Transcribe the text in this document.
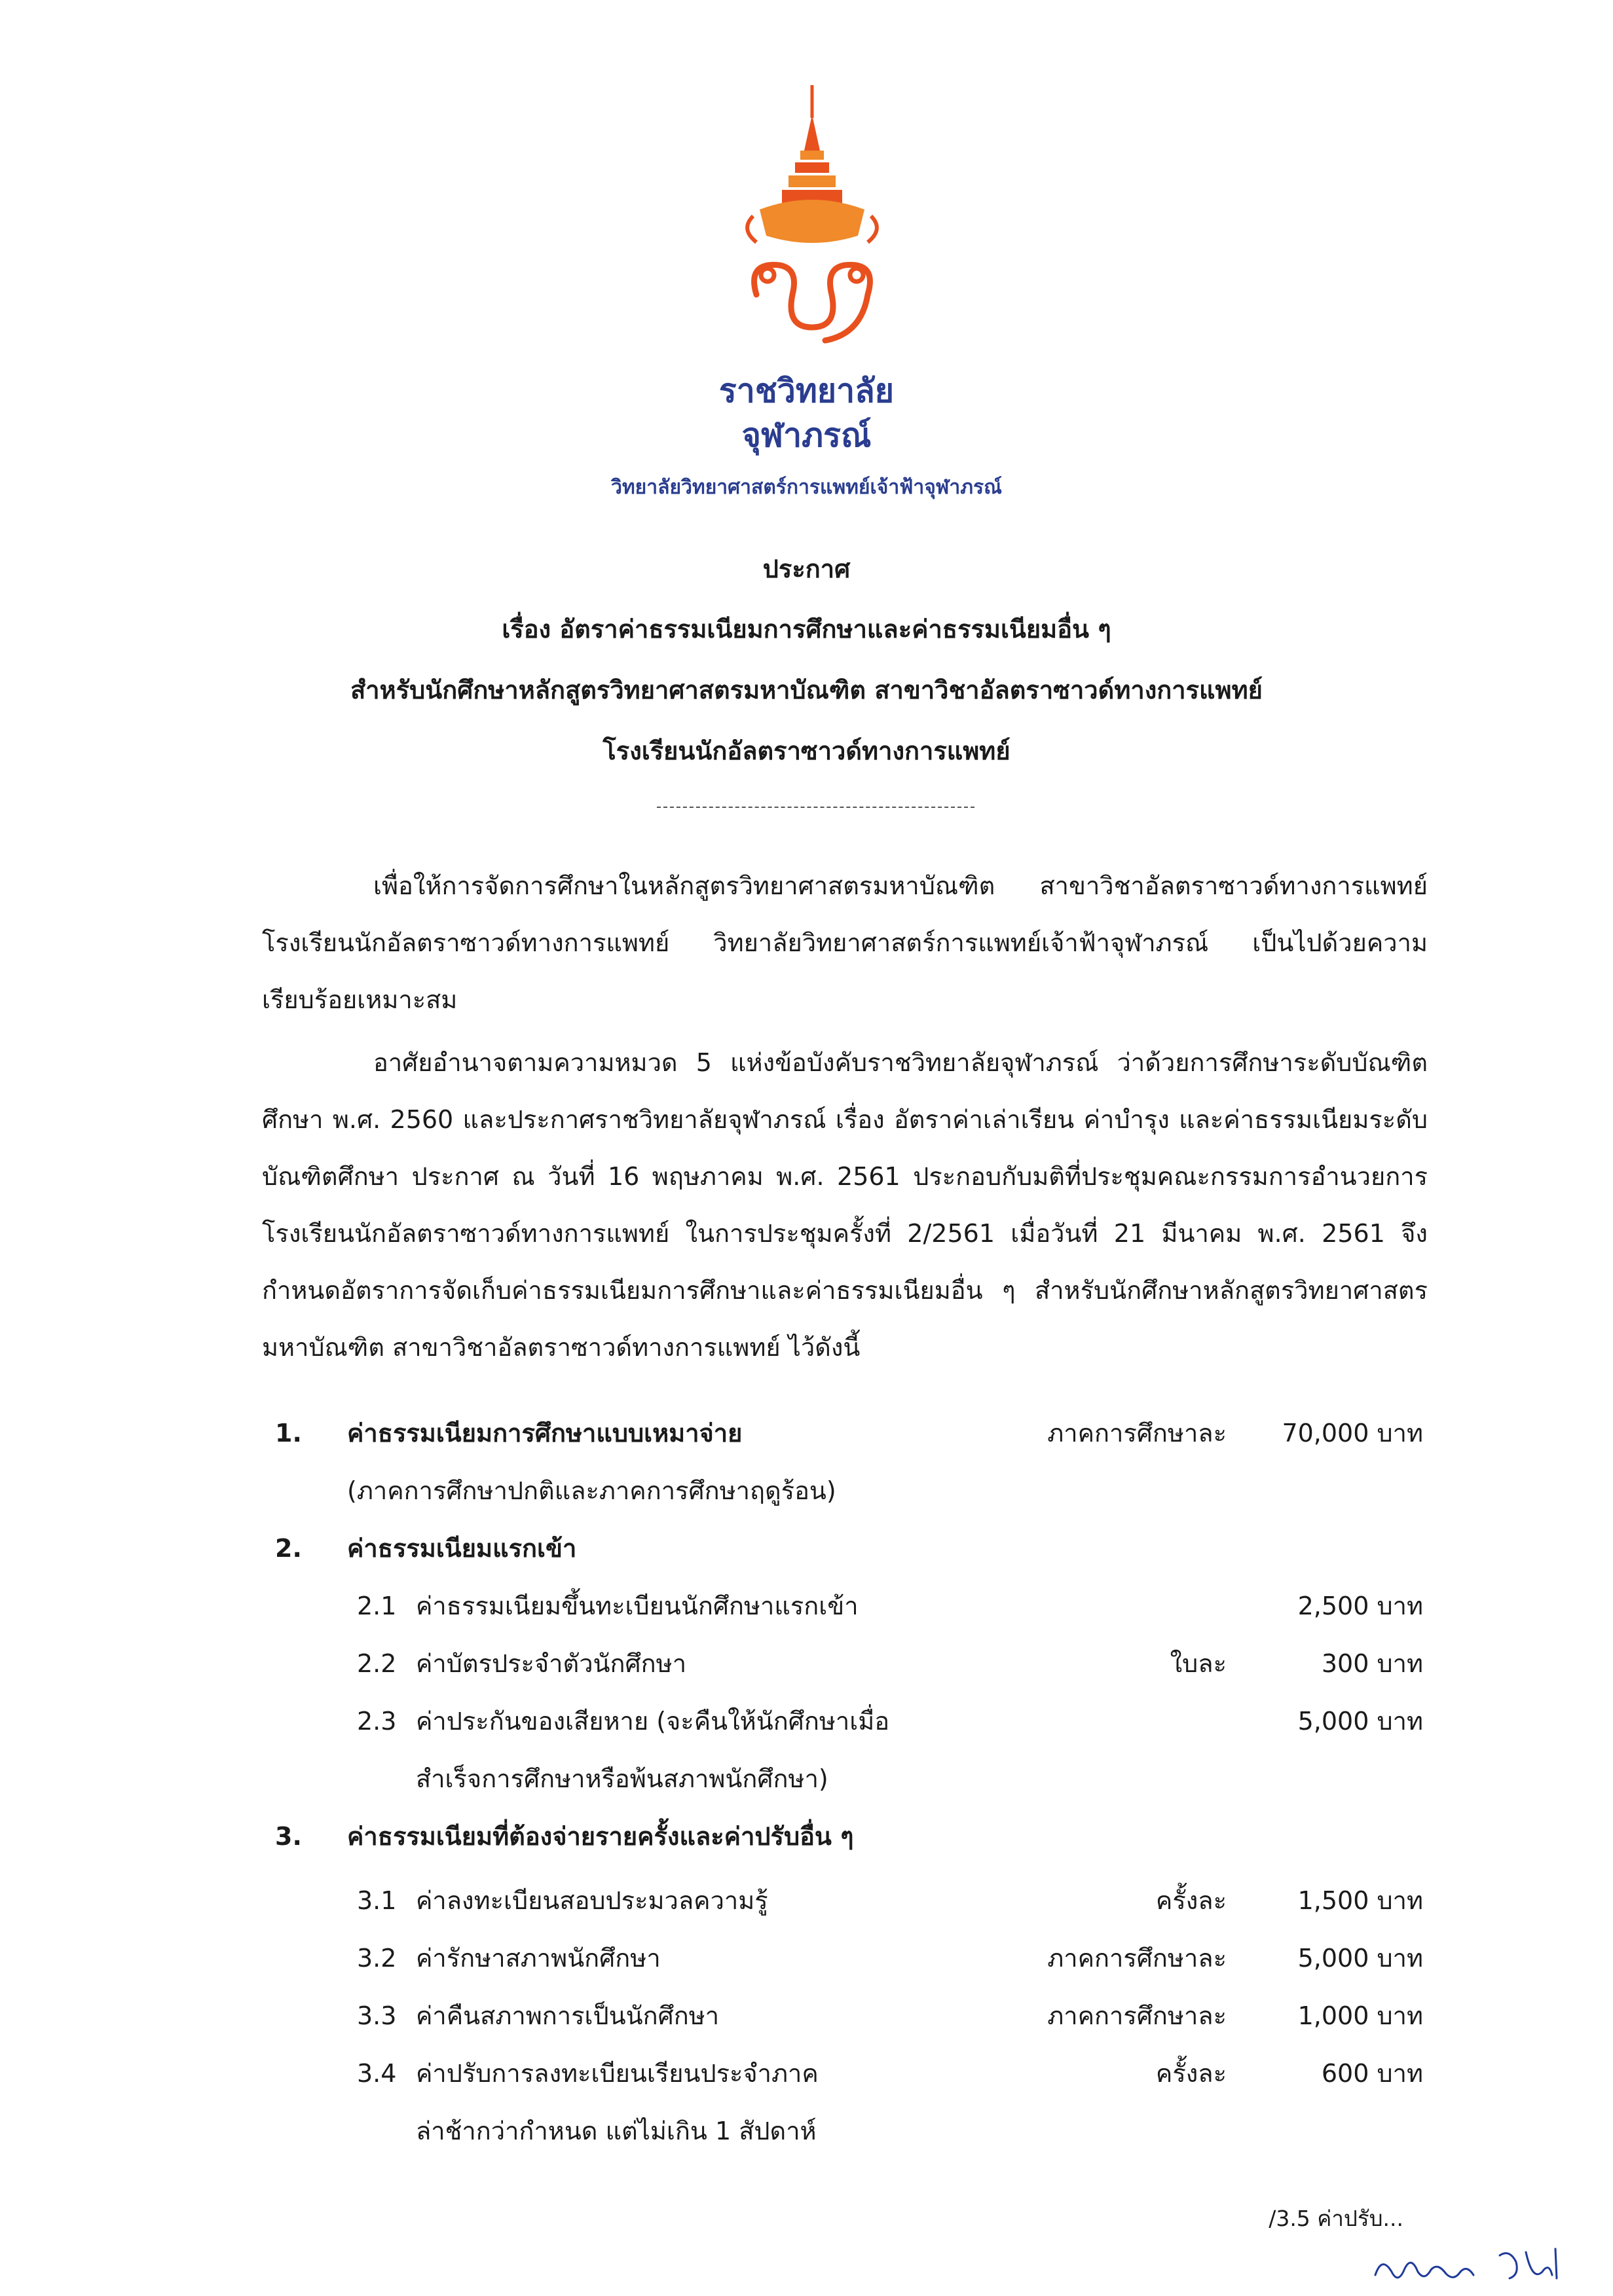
จภ
ราชวิทยาลัย
จุฬาภรณ์
วิทยาลัยวิทยาศาสตร์การแพทย์เจ้าฟ้าจุฬาภรณ์
ประกาศ
เรื่อง อัตราค่าธรรมเนียมการศึกษาและค่าธรรมเนียมอื่น ๆ
สำหรับนักศึกษาหลักสูตรวิทยาศาสตรมหาบัณฑิต สาขาวิชาอัลตราซาวด์ทางการแพทย์
โรงเรียนนักอัลตราซาวด์ทางการแพทย์
เพื่อให้การจัดการศึกษาในหลักสูตรวิทยาศาสตรมหาบัณฑิต สาขาวิชาอัลตราซาวด์ทางการแพทย์ โรงเรียนนักอัลตราซาวด์ทางการแพทย์ วิทยาลัยวิทยาศาสตร์การแพทย์เจ้าฟ้าจุฬาภรณ์ เป็นไปด้วยความเรียบร้อยเหมาะสม
อาศัยอำนาจตามความหมวด 5 แห่งข้อบังคับราชวิทยาลัยจุฬาภรณ์ ว่าด้วยการศึกษาระดับบัณฑิตศึกษา พ.ศ. 2560 และประกาศราชวิทยาลัยจุฬาภรณ์ เรื่อง อัตราค่าเล่าเรียน ค่าบำรุง และค่าธรรมเนียมระดับบัณฑิตศึกษา ประกาศ ณ วันที่ 16 พฤษภาคม พ.ศ. 2561 ประกอบกับมติที่ประชุมคณะกรรมการอำนวยการโรงเรียนนักอัลตราซาวด์ทางการแพทย์ ในการประชุมครั้งที่ 2/2561 เมื่อวันที่ 21 มีนาคม พ.ศ. 2561 จึงกำหนดอัตราการจัดเก็บค่าธรรมเนียมการศึกษาและค่าธรรมเนียมอื่น ๆ สำหรับนักศึกษาหลักสูตรวิทยาศาสตรมหาบัณฑิต สาขาวิชาอัลตราซาวด์ทางการแพทย์ ไว้ดังนี้
1. ค่าธรรมเนียมการศึกษาแบบเหมาจ่าย	ภาคการศึกษาละ 70,000 บาท
(ภาคการศึกษาปกติและภาคการศึกษาฤดูร้อน)
2. ค่าธรรมเนียมแรกเข้า
2.1 ค่าธรรมเนียมขึ้นทะเบียนนักศึกษาแรกเข้า	2,500 บาท
2.2 ค่าบัตรประจำตัวนักศึกษา	ใบละ	300 บาท
2.3 ค่าประกันของเสียหาย (จะคืนให้นักศึกษาเมื่อ	5,000 บาท
สำเร็จการศึกษาหรือพ้นสภาพนักศึกษา)
3. ค่าธรรมเนียมที่ต้องจ่ายรายครั้งและค่าปรับอื่น ๆ
3.1 ค่าลงทะเบียนสอบประมวลความรู้	ครั้งละ	1,500 บาท
3.2 ค่ารักษาสภาพนักศึกษา	ภาคการศึกษาละ	5,000 บาท
3.3 ค่าคืนสภาพการเป็นนักศึกษา	ภาคการศึกษาละ	1,000 บาท
3.4 ค่าปรับการลงทะเบียนเรียนประจำภาค	ครั้งละ	600 บาท
ล่าช้ากว่ากำหนด แต่ไม่เกิน 1 สัปดาห์
/3.5 ค่าปรับ...
